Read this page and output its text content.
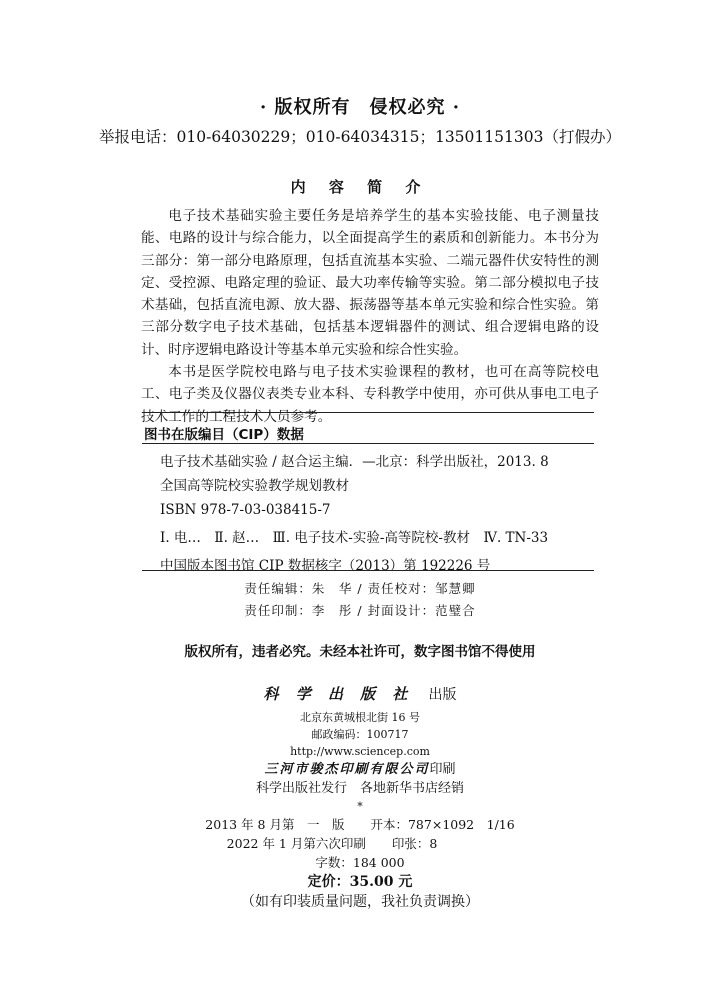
· 版权所有　侵权必究 ·
举报电话：010-64030229；010-64034315；13501151303（打假办）
内 容 简 介

电子技术基础实验主要任务是培养学生的基本实验技能、电子测量技能、电路的设计与综合能力，以全面提高学生的素质和创新能力。本书分为三部分：第一部分电路原理，包括直流基本实验、二端元器件伏安特性的测定、受控源、电路定理的验证、最大功率传输等实验。第二部分模拟电子技术基础，包括直流电源、放大器、振荡器等基本单元实验和综合性实验。第三部分数字电子技术基础，包括基本逻辑器件的测试、组合逻辑电路的设计、时序逻辑电路设计等基本单元实验和综合性实验。

本书是医学院校电路与电子技术实验课程的教材，也可在高等院校电工、电子类及仪器仪表类专业本科、专科教学中使用，亦可供从事电工电子技术工作的工程技术人员参考。

图书在版编目（CIP）数据
电子技术基础实验 / 赵合运主编．—北京：科学出版社，2013. 8
全国高等院校实验教学规划教材
ISBN 978-7-03-038415-7
Ⅰ. 电…　Ⅱ. 赵…　Ⅲ. 电子技术-实验-高等院校-教材　Ⅳ. TN-33
中国版本图书馆 CIP 数据核字（2013）第 192226 号
责任编辑：朱　华 / 责任校对：邹慧卿
责任印制：李　彤 / 封面设计：范璧合
版权所有，违者必究。未经本社许可，数字图书馆不得使用
科 学 出 版 社 出版
北京东黄城根北街 16 号
邮政编码：100717
http://www.sciencep.com
三河市骏杰印刷有限公司印刷
科学出版社发行　各地新华书店经销
*
2013 年 8 月第　一　版 开本：787×1092　1/16
2022 年 1 月第六次印刷 印张：8
字数：184 000
定价：35.00 元
（如有印装质量问题，我社负责调换）
